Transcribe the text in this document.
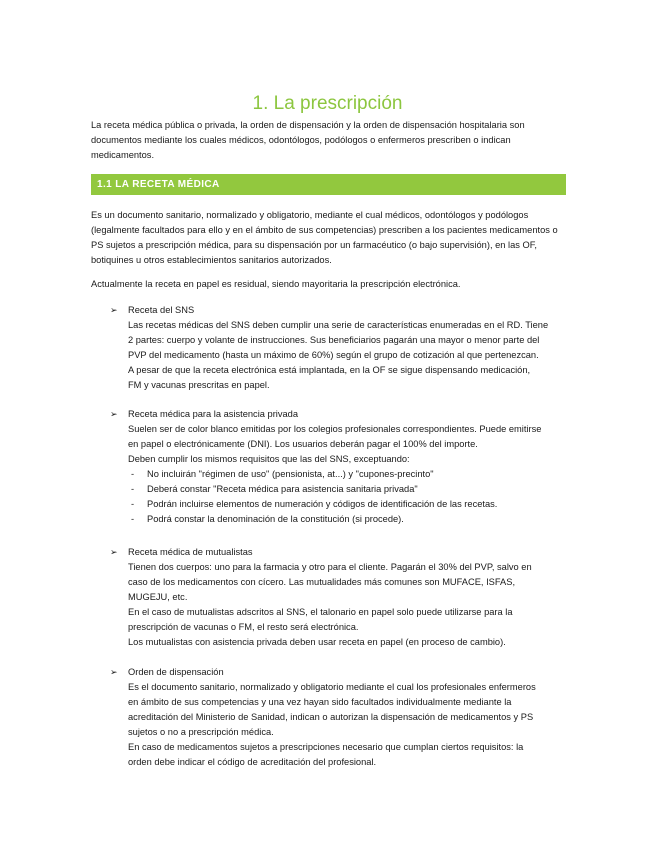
1. La prescripción

La receta médica pública o privada, la orden de dispensación y la orden de dispensación hospitalaria son documentos mediante los cuales médicos, odontólogos, podólogos o enfermeros prescriben o indican medicamentos.

1.1 LA RECETA MÉDICA

Es un documento sanitario, normalizado y obligatorio, mediante el cual médicos, odontólogos y podólogos (legalmente facultados para ello y en el ámbito de sus competencias) prescriben a los pacientes medicamentos o PS sujetos a prescripción médica, para su dispensación por un farmacéutico (o bajo supervisión), en las OF, botiquines u otros establecimientos sanitarios autorizados.

Actualmente la receta en papel es residual, siendo mayoritaria la prescripción electrónica.

➢ Receta del SNS
Las recetas médicas del SNS deben cumplir una serie de características enumeradas en el RD. Tiene
2 partes: cuerpo y volante de instrucciones. Sus beneficiarios pagarán una mayor o menor parte del
PVP del medicamento (hasta un máximo de 60%) según el grupo de cotización al que pertenezcan.
A pesar de que la receta electrónica está implantada, en la OF se sigue dispensando medicación,
FM y vacunas prescritas en papel.
➢ Receta médica para la asistencia privada
Suelen ser de color blanco emitidas por los colegios profesionales correspondientes. Puede emitirse
en papel o electrónicamente (DNI). Los usuarios deberán pagar el 100% del importe.
Deben cumplir los mismos requisitos que las del SNS, exceptuando:
- No incluirán "régimen de uso" (pensionista, at...) y "cupones-precinto"
- Deberá constar "Receta médica para asistencia sanitaria privada"
- Podrán incluirse elementos de numeración y códigos de identificación de las recetas.
- Podrá constar la denominación de la constitución (si procede).
➢ Receta médica de mutualistas
Tienen dos cuerpos: uno para la farmacia y otro para el cliente. Pagarán el 30% del PVP, salvo en
caso de los medicamentos con cícero. Las mutualidades más comunes son MUFACE, ISFAS,
MUGEJU, etc.
En el caso de mutualistas adscritos al SNS, el talonario en papel solo puede utilizarse para la
prescripción de vacunas o FM, el resto será electrónica.
Los mutualistas con asistencia privada deben usar receta en papel (en proceso de cambio).
➢ Orden de dispensación
Es el documento sanitario, normalizado y obligatorio mediante el cual los profesionales enfermeros
en ámbito de sus competencias y una vez hayan sido facultados individualmente mediante la
acreditación del Ministerio de Sanidad, indican o autorizan la dispensación de medicamentos y PS
sujetos o no a prescripción médica.
En caso de medicamentos sujetos a prescripciones necesario que cumplan ciertos requisitos: la
orden debe indicar el código de acreditación del profesional.
